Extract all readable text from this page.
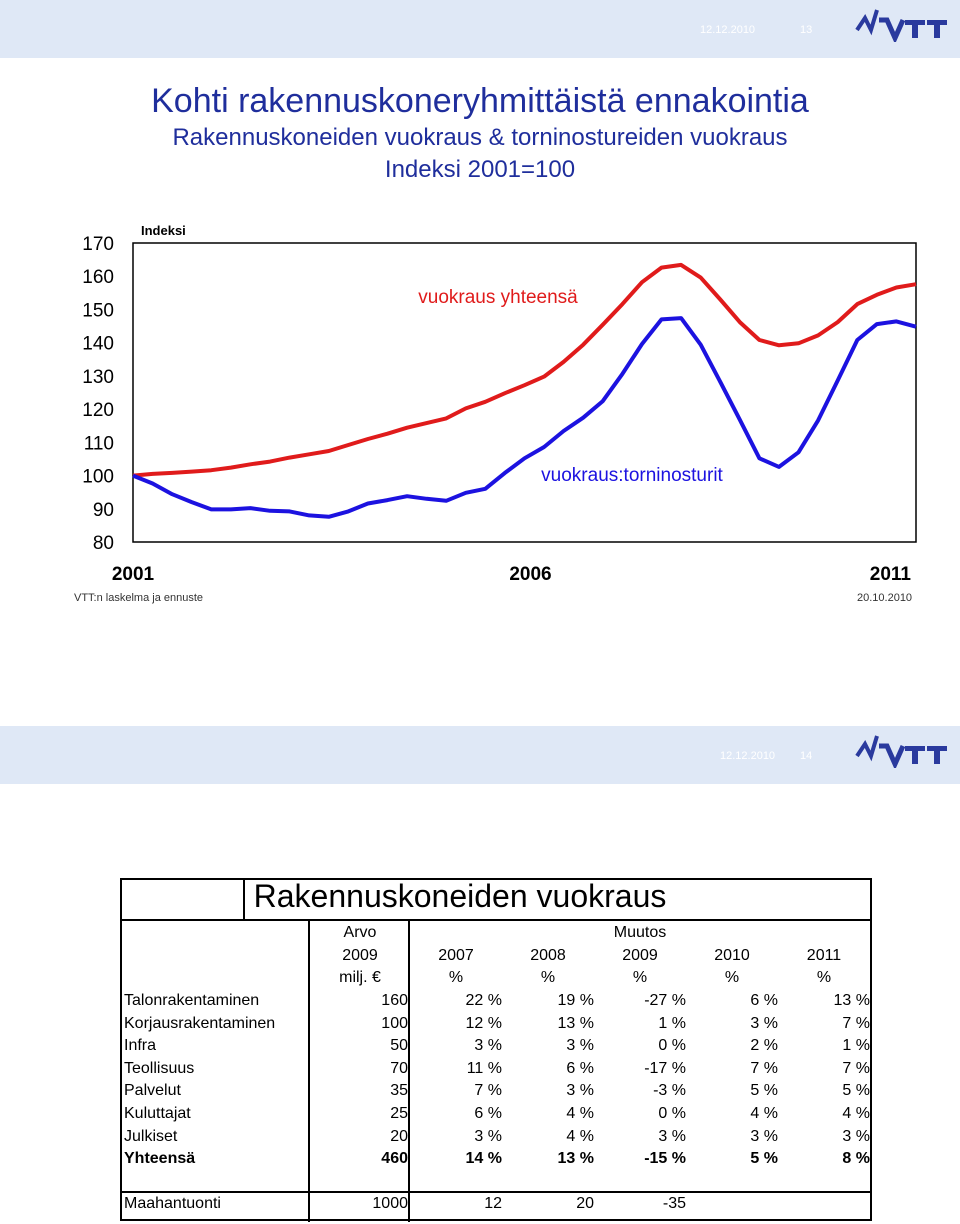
12.12.2010	13
Kohti rakennuskoneryhmittäistä ennakointia
Rakennuskoneiden vuokraus & torninostureiden vuokraus
Indeksi 2001=100
80
90
100
110
120
130
140
150
160
170
Indeksi
2001	2006	2011
vuokraus yhteensä
vuokraus:torninosturit
VTT:n laskelma ja ennuste	20.10.2010
12.12.2010 14
Rakennuskoneiden vuokraus
	Arvo	Muutos				
	2009	2007	2008	2009	2010	2011
	milj. €	%	%	%	%	%
Talonrakentaminen	160	22 %	19 %	-27 %	6 %	13 %
Korjausrakentaminen	100	12 %	13 %	1 %	3 %	7 %
Infra	50	3 %	3 %	0 %	2 %	1 %
Teollisuus	70	11 %	6 %	-17 %	7 %	7 %
Palvelut	35	7 %	3 %	-3 %	5 %	5 %
Kuluttajat	25	6 %	4 %	0 %	4 %	4 %
Julkiset	20	3 %	4 %	3 %	3 %	3 %
Yhteensä	460	14 %	13 %	-15 %	5 %	8 %

Maahantuonti	1000	12	20	-35		
